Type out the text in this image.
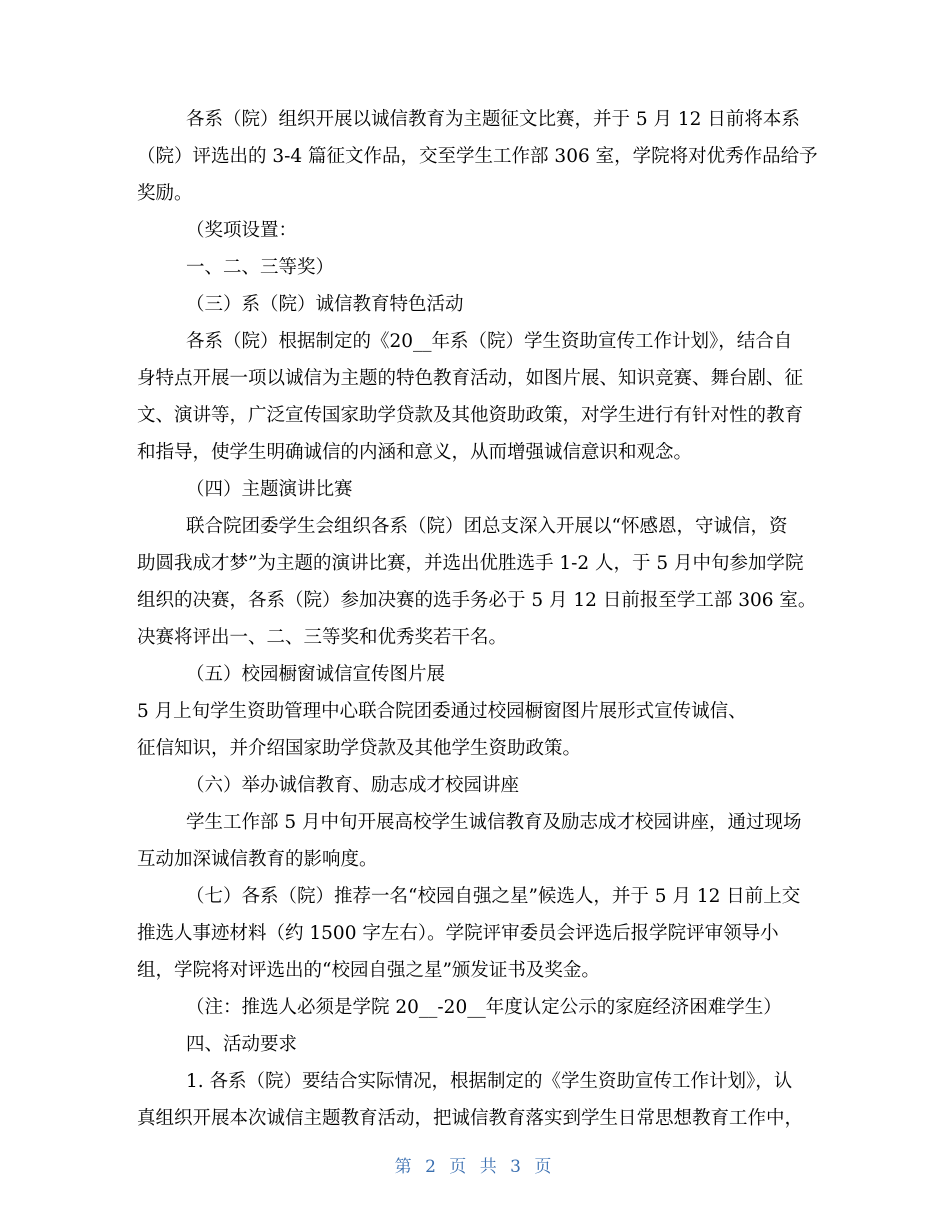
各系（院）组织开展以诚信教育为主题征文比赛，并于 5 月 12 日前将本系
（院）评选出的 3-4 篇征文作品，交至学生工作部 306 室，学院将对优秀作品给予
奖励。
（奖项设置：
一、二、三等奖）
（三）系（院）诚信教育特色活动
各系（院）根据制定的《20__年系（院）学生资助宣传工作计划》，结合自
身特点开展一项以诚信为主题的特色教育活动，如图片展、知识竞赛、舞台剧、征
文、演讲等，广泛宣传国家助学贷款及其他资助政策，对学生进行有针对性的教育
和指导，使学生明确诚信的内涵和意义，从而增强诚信意识和观念。
（四）主题演讲比赛
联合院团委学生会组织各系（院）团总支深入开展以“怀感恩，守诚信，资
助圆我成才梦”为主题的演讲比赛，并选出优胜选手 1-2 人，于 5 月中旬参加学院
组织的决赛，各系（院）参加决赛的选手务必于 5 月 12 日前报至学工部 306 室。
决赛将评出一、二、三等奖和优秀奖若干名。
（五）校园橱窗诚信宣传图片展
5 月上旬学生资助管理中心联合院团委通过校园橱窗图片展形式宣传诚信、
征信知识，并介绍国家助学贷款及其他学生资助政策。
（六）举办诚信教育、励志成才校园讲座
学生工作部 5 月中旬开展高校学生诚信教育及励志成才校园讲座，通过现场
互动加深诚信教育的影响度。
（七）各系（院）推荐一名“校园自强之星”候选人，并于 5 月 12 日前上交
推选人事迹材料（约 1500 字左右）。学院评审委员会评选后报学院评审领导小
组，学院将对评选出的“校园自强之星”颁发证书及奖金。
（注：推选人必须是学院 20__-20__年度认定公示的家庭经济困难学生）
四、活动要求
1. 各系（院）要结合实际情况，根据制定的《学生资助宣传工作计划》，认
真组织开展本次诚信主题教育活动，把诚信教育落实到学生日常思想教育工作中，
第 2 页 共 3 页
